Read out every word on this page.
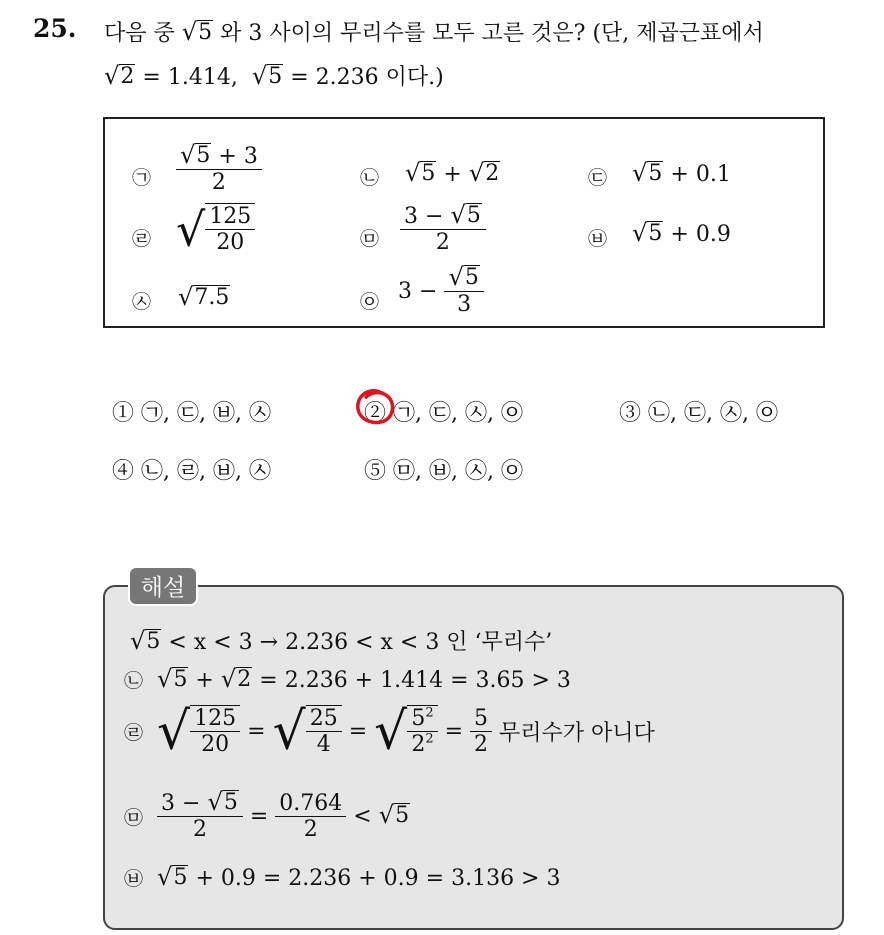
25. 다음 중 √ 5 와 3 사이의 무리수를 모두 고른 것은? (단, 제곱근표에서
√ 2 = 1.414, √ 5 = 2.236 이다.)
㉠ $\frac{√ 5 + 3}{2}$	㉡ √ 5 + √ 2	㉢ √ 5 + 0.1
㉣ √ $\frac{125}{20}$	㉤ $\frac{3 - √ 5}{2}$	㉥ √ 5 + 0.9
㉦ √ 7.5	㉧ $3 - \frac{√ 5}{3}$
① ㉠, ㉢, ㉥, ㉦	② ㉠, ㉢, ㉦, ㉧	③ ㉡, ㉢, ㉦, ㉧
④ ㉡, ㉣, ㉥, ㉦	⑤ ㉤, ㉥, ㉦, ㉧
해설
√ 5 < x < 3 → 2.236 < x < 3 인 ‘무리수’
㉡ √ 5 + √ 2 = 2.236 + 1.414 = 3.65 > 3
㉣ √ $\frac{125}{20}$ = √ $\frac{25}{4}$ = √ $\frac{5^2}{2^2} = \frac{5}{2}$ 무리수가 아니다
㉤ $\frac{3 - √ 5}{2} = \frac{0.764}{2}$ < √ 5
㉥ √ 5 + 0.9 = 2.236 + 0.9 = 3.136 > 3
